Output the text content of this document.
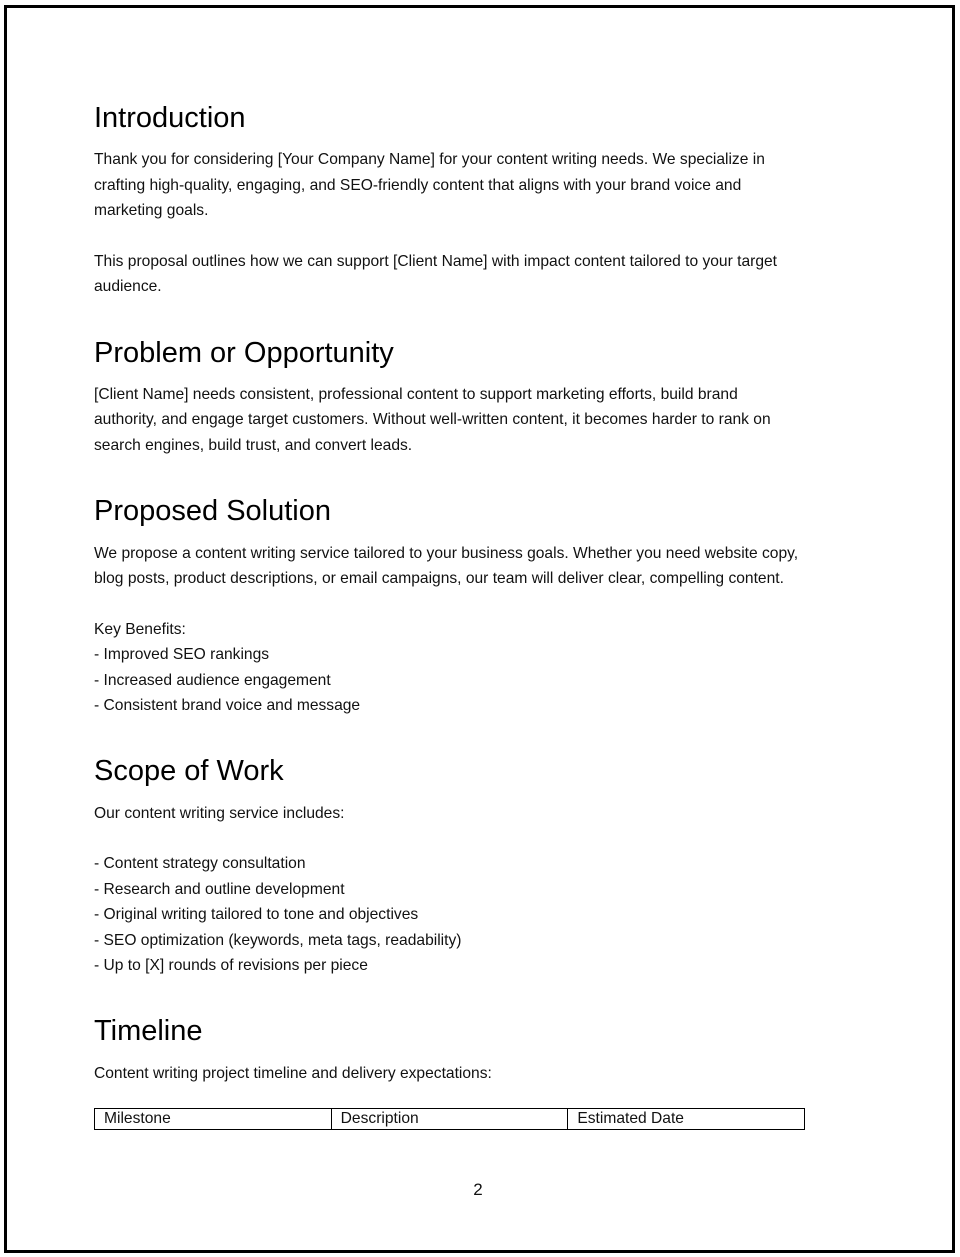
Introduction

Thank you for considering [Your Company Name] for your content writing needs. We specialize in

crafting high-quality, engaging, and SEO-friendly content that aligns with your brand voice and

marketing goals.

This proposal outlines how we can support [Client Name] with impact content tailored to your target

audience.

Problem or Opportunity

[Client Name] needs consistent, professional content to support marketing efforts, build brand

authority, and engage target customers. Without well-written content, it becomes harder to rank on

search engines, build trust, and convert leads.

Proposed Solution

We propose a content writing service tailored to your business goals. Whether you need website copy,

blog posts, product descriptions, or email campaigns, our team will deliver clear, compelling content.

Key Benefits:

- Improved SEO rankings

- Increased audience engagement

- Consistent brand voice and message

Scope of Work

Our content writing service includes:

- Content strategy consultation

- Research and outline development

- Original writing tailored to tone and objectives

- SEO optimization (keywords, meta tags, readability)

- Up to [X] rounds of revisions per piece

Timeline

Content writing project timeline and delivery expectations:

Milestone	Description	Estimated Date
2
